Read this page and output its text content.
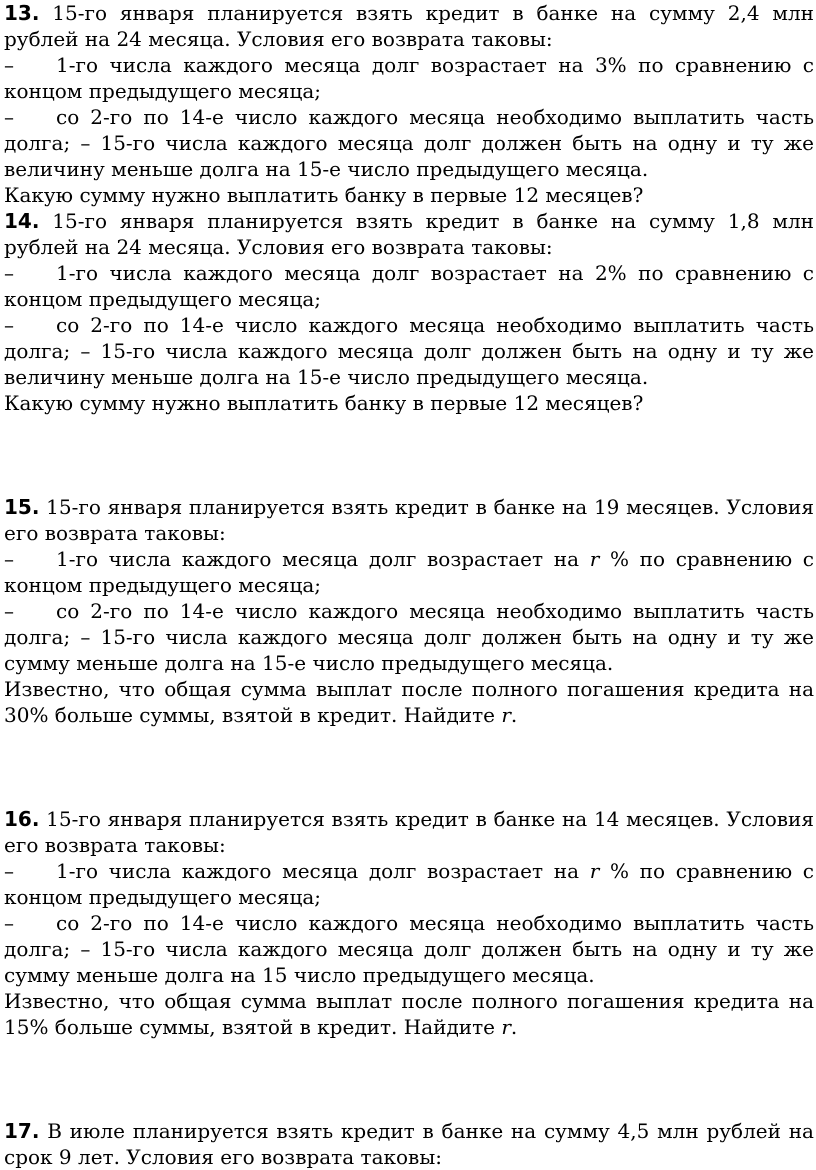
13. 15-го января планируется взять кредит в банке на сумму 2,4 млн рублей на 24 месяца. Условия его возврата таковы:

– 1-го числа каждого месяца долг возрастает на 3% по сравнению с концом предыдущего месяца;

– со 2-го по 14-е число каждого месяца необходимо выплатить часть долга; – 15-го числа каждого месяца долг должен быть на одну и ту же величину меньше долга на 15-е число предыдущего месяца.

Какую сумму нужно выплатить банку в первые 12 месяцев?

14. 15-го января планируется взять кредит в банке на сумму 1,8 млн рублей на 24 месяца. Условия его возврата таковы:

– 1-го числа каждого месяца долг возрастает на 2% по сравнению с концом предыдущего месяца;

– со 2-го по 14-е число каждого месяца необходимо выплатить часть долга; – 15-го числа каждого месяца долг должен быть на одну и ту же величину меньше долга на 15-е число предыдущего месяца.

Какую сумму нужно выплатить банку в первые 12 месяцев?

15. 15-го января планируется взять кредит в банке на 19 месяцев. Условия его возврата таковы:

– 1-го числа каждого месяца долг возрастает на r % по сравнению с концом предыдущего месяца;

– со 2-го по 14-е число каждого месяца необходимо выплатить часть долга; – 15-го числа каждого месяца долг должен быть на одну и ту же сумму меньше долга на 15-е число предыдущего месяца.

Известно, что общая сумма выплат после полного погашения кредита на 30% больше суммы, взятой в кредит. Найдите r.

16. 15-го января планируется взять кредит в банке на 14 месяцев. Условия его возврата таковы:

– 1-го числа каждого месяца долг возрастает на r % по сравнению с концом предыдущего месяца;

– со 2-го по 14-е число каждого месяца необходимо выплатить часть долга; – 15-го числа каждого месяца долг должен быть на одну и ту же сумму меньше долга на 15 число предыдущего месяца.

Известно, что общая сумма выплат после полного погашения кредита на 15% больше суммы, взятой в кредит. Найдите r.

17. В июле планируется взять кредит в банке на сумму 4,5 млн рублей на срок 9 лет. Условия его возврата таковы:
